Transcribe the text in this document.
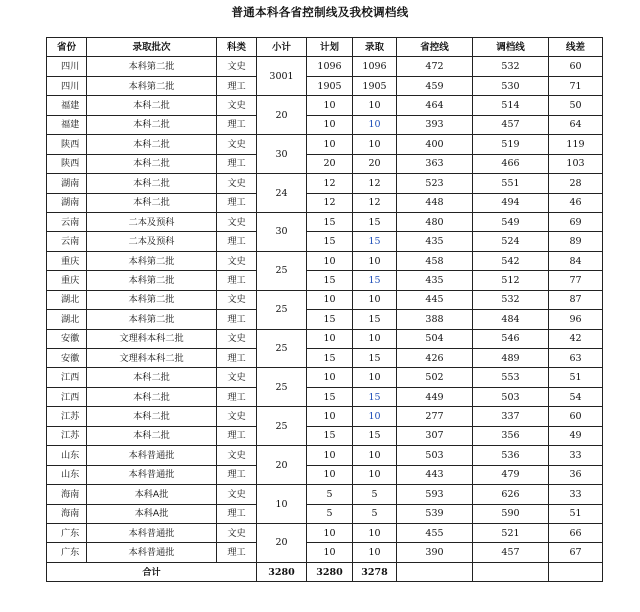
普通本科各省控制线及我校调档线
省份	录取批次	科类	小计	计划	录取	省控线	调档线	线差
四川	本科第二批	文史	3001	1096	1096	472	532	60
四川	本科第二批	理工		1905	1905	459	530	71
福建	本科二批	文史	20	10	10	464	514	50
福建	本科二批	理工		10	10	393	457	64
陕西	本科二批	文史	30	10	10	400	519	119
陕西	本科二批	理工		20	20	363	466	103
湖南	本科二批	文史	24	12	12	523	551	28
湖南	本科二批	理工		12	12	448	494	46
云南	二本及预科	文史	30	15	15	480	549	69
云南	二本及预科	理工		15	15	435	524	89
重庆	本科第二批	文史	25	10	10	458	542	84
重庆	本科第二批	理工		15	15	435	512	77
湖北	本科第二批	文史	25	10	10	445	532	87
湖北	本科第二批	理工		15	15	388	484	96
安徽	文理科本科二批	文史	25	10	10	504	546	42
安徽	文理科本科二批	理工		15	15	426	489	63
江西	本科二批	文史	25	10	10	502	553	51
江西	本科二批	理工		15	15	449	503	54
江苏	本科二批	文史	25	10	10	277	337	60
江苏	本科二批	理工		15	15	307	356	49
山东	本科普通批	文史	20	10	10	503	536	33
山东	本科普通批	理工		10	10	443	479	36
海南	本科A批	文史	10	5	5	593	626	33
海南	本科A批	理工		5	5	539	590	51
广东	本科普通批	文史	20	10	10	455	521	66
广东	本科普通批	理工		10	10	390	457	67
合计			3280	3280	3278			
